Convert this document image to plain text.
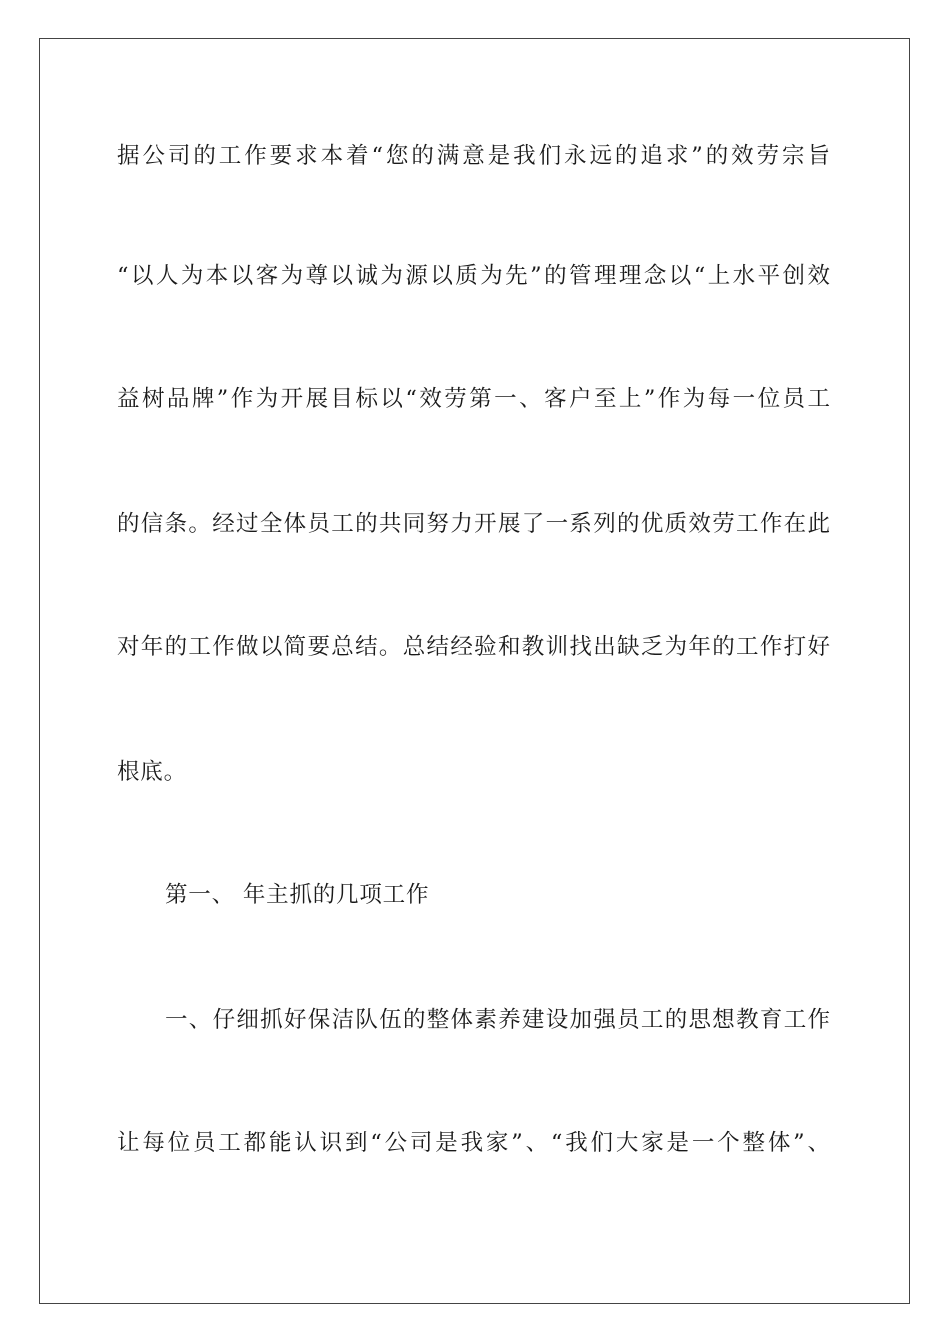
据公司的工作要求本着“您的满意是我们永远的追求”的效劳宗旨
“以人为本以客为尊以诚为源以质为先”的管理理念以“上水平创效
益树品牌”作为开展目标以“效劳第一、客户至上”作为每一位员工
的信条。经过全体员工的共同努力开展了一系列的优质效劳工作在此
对年的工作做以简要总结。总结经验和教训找出缺乏为年的工作打好
根底。
第一、 年主抓的几项工作
一、仔细抓好保洁队伍的整体素养建设加强员工的思想教育工作
让每位员工都能认识到“公司是我家”、“我们大家是一个整体”、
